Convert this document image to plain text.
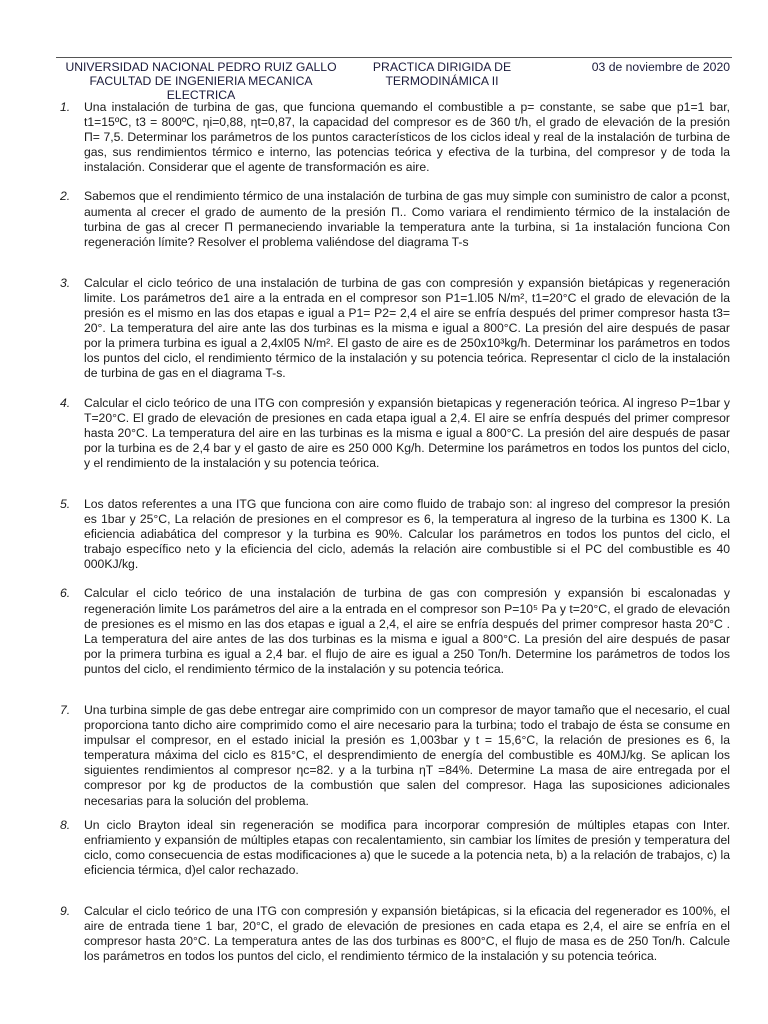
UNIVERSIDAD NACIONAL PEDRO RUIZ GALLO
FACULTAD DE INGENIERIA MECANICA
ELECTRICA
PRACTICA DIRIGIDA DE
TERMODINÁMICA II
03 de noviembre de 2020
1. Una instalación de turbina de gas, que funciona quemando el combustible a p= constante, se sabe que p1=1 bar, t1=15ºC, t3 = 800ºC, ηi=0,88, ηt=0,87, la capacidad del compresor es de 360 t/h, el grado de elevación de la presión Π= 7,5. Determinar los parámetros de los puntos característicos de los ciclos ideal y real de la instalación de turbina de gas, sus rendimientos térmico e interno, las potencias teórica y efectiva de la turbina, del compresor y de toda la instalación. Considerar que el agente de transformación es aire.
2. Sabemos que el rendimiento térmico de una instalación de turbina de gas muy simple con suministro de calor a pconst, aumenta al crecer el grado de aumento de la presión Π.. Como variara el rendimiento térmico de la instalación de turbina de gas al crecer Π permaneciendo invariable la temperatura ante la turbina, si 1a instalación funciona Con regeneración límite? Resolver el problema valiéndose del diagrama T-s
3. Calcular el ciclo teórico de una instalación de turbina de gas con compresión y expansión bietápicas y regeneración limite. Los parámetros de1 aire a la entrada en el compresor son P1=1.l05 N/m², t1=20°C el grado de elevación de la presión es el mismo en las dos etapas e igual a P1= P2= 2,4 el aire se enfría después del primer compresor hasta t3= 20°. La temperatura del aire ante las dos turbinas es la misma e igual a 800°C. La presión del aire después de pasar por la primera turbina es igual a 2,4xl05 N/m². El gasto de aire es de 250x10³kg/h. Determinar los parámetros en todos los puntos del ciclo, el rendimiento térmico de la instalación y su potencia teórica. Representar cl ciclo de la instalación de turbina de gas en el diagrama T-s.
4. Calcular el ciclo teórico de una ITG con compresión y expansión bietapicas y regeneración teórica. Al ingreso P=1bar y T=20°C. El grado de elevación de presiones en cada etapa igual a 2,4. El aire se enfría después del primer compresor hasta 20°C. La temperatura del aire en las turbinas es la misma e igual a 800°C. La presión del aire después de pasar por la turbina es de 2,4 bar y el gasto de aire es 250 000 Kg/h. Determine los parámetros en todos los puntos del ciclo, y el rendimiento de la instalación y su potencia teórica.
5. Los datos referentes a una ITG que funciona con aire como fluido de trabajo son: al ingreso del compresor la presión es 1bar y 25°C, La relación de presiones en el compresor es 6, la temperatura al ingreso de la turbina es 1300 K. La eficiencia adiabática del compresor y la turbina es 90%. Calcular los parámetros en todos los puntos del ciclo, el trabajo específico neto y la eficiencia del ciclo, además la relación aire combustible si el PC del combustible es 40 000KJ/kg.
6. Calcular el ciclo teórico de una instalación de turbina de gas con compresión y expansión bi escalonadas y regeneración limite Los parámetros del aire a la entrada en el compresor son P=10⁵ Pa y t=20°C, el grado de elevación de presiones es el mismo en las dos etapas e igual a 2,4, el aire se enfría después del primer compresor hasta 20°C . La temperatura del aire antes de las dos turbinas es la misma e igual a 800°C. La presión del aire después de pasar por la primera turbina es igual a 2,4 bar. el flujo de aire es igual a 250 Ton/h. Determine los parámetros de todos los puntos del ciclo, el rendimiento térmico de la instalación y su potencia teórica.
7. Una turbina simple de gas debe entregar aire comprimido con un compresor de mayor tamaño que el necesario, el cual proporciona tanto dicho aire comprimido como el aire necesario para la turbina; todo el trabajo de ésta se consume en impulsar el compresor, en el estado inicial la presión es 1,003bar y t = 15,6°C, la relación de presiones es 6, la temperatura máxima del ciclo es 815°C, el desprendimiento de energía del combustible es 40MJ/kg. Se aplican los siguientes rendimientos al compresor ηc=82. y a la turbina ηT =84%. Determine La masa de aire entregada por el compresor por kg de productos de la combustión que salen del compresor. Haga las suposiciones adicionales necesarias para la solución del problema.
8. Un ciclo Brayton ideal sin regeneración se modifica para incorporar compresión de múltiples etapas con Inter. enfriamiento y expansión de múltiples etapas con recalentamiento, sin cambiar los límites de presión y temperatura del ciclo, como consecuencia de estas modificaciones a) que le sucede a la potencia neta, b) a la relación de trabajos, c) la eficiencia térmica, d)el calor rechazado.
9. Calcular el ciclo teórico de una ITG con compresión y expansión bietápicas, si la eficacia del regenerador es 100%, el aire de entrada tiene 1 bar, 20°C, el grado de elevación de presiones en cada etapa es 2,4, el aire se enfría en el compresor hasta 20°C. La temperatura antes de las dos turbinas es 800°C, el flujo de masa es de 250 Ton/h. Calcule los parámetros en todos los puntos del ciclo, el rendimiento térmico de la instalación y su potencia teórica.
